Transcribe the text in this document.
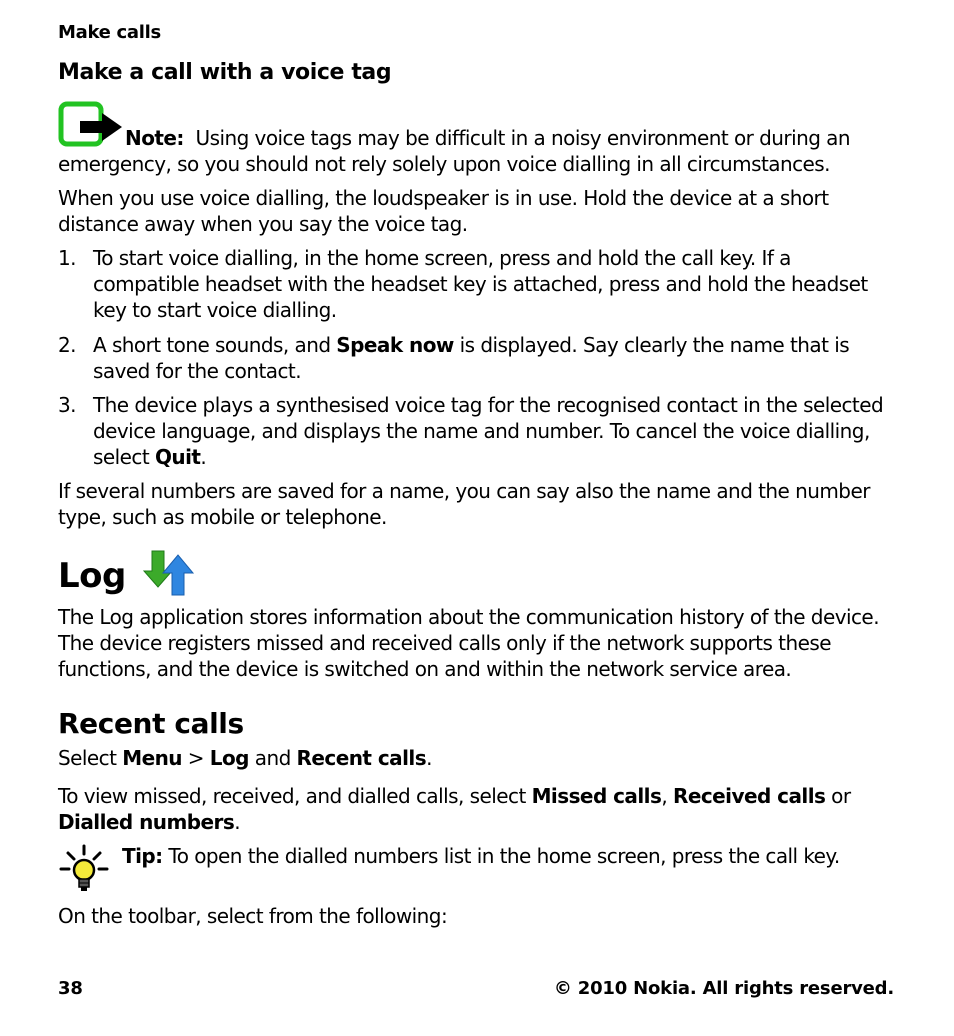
Make calls
Make a call with a voice tag
Note: Using voice tags may be difficult in a noisy environment or during an emergency, so you should not rely solely upon voice dialling in all circumstances.
When you use voice dialling, the loudspeaker is in use. Hold the device at a short distance away when you say the voice tag.
1. To start voice dialling, in the home screen, press and hold the call key. If a compatible headset with the headset key is attached, press and hold the headset key to start voice dialling.
2. A short tone sounds, and Speak now is displayed. Say clearly the name that is saved for the contact.
3. The device plays a synthesised voice tag for the recognised contact in the selected device language, and displays the name and number. To cancel the voice dialling, select Quit.
If several numbers are saved for a name, you can say also the name and the number type, such as mobile or telephone.
Log
The Log application stores information about the communication history of the device. The device registers missed and received calls only if the network supports these functions, and the device is switched on and within the network service area.
Recent calls
Select Menu > Log and Recent calls.
To view missed, received, and dialled calls, select Missed calls, Received calls or
Dialled numbers.
Tip: To open the dialled numbers list in the home screen, press the call key.
On the toolbar, select from the following:
38	© 2010 Nokia. All rights reserved.
